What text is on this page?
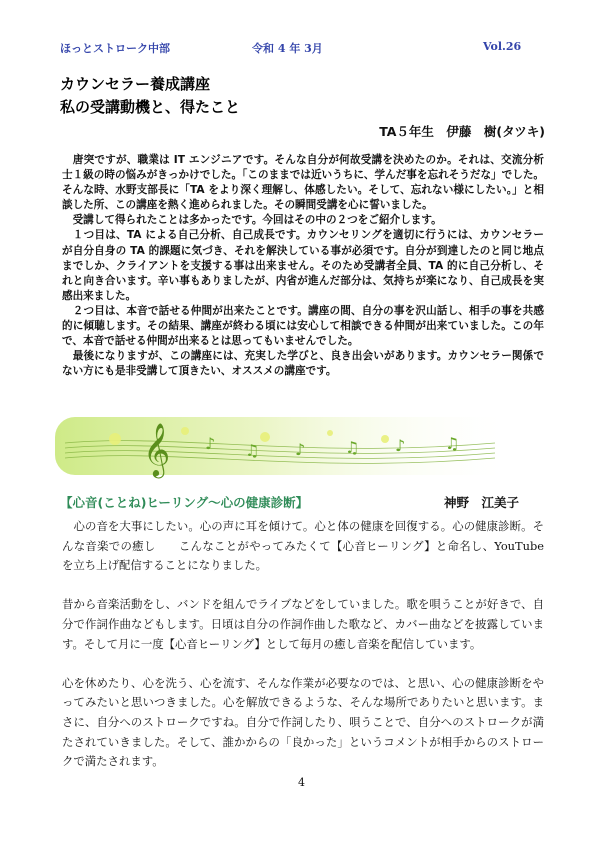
ほっとストローク中部	令和 4 年 3月	Vol.26
カウンセラー養成講座
私の受講動機と、得たこと
TA５年生　伊藤　樹(タツキ)

　唐突ですが、職業は IT エンジニアです。そんな自分が何故受講を決めたのか。それは、交流分析士１級の時の悩みがきっかけでした。「このままでは近いうちに、学んだ事を忘れそうだな」でした。そんな時、水野支部長に「TA をより深く理解し、体感したい。そして、忘れない様にしたい。」と相談した所、この講座を熱く進められました。その瞬間受講を心に誓いました。

　受講して得られたことは多かったです。今回はその中の２つをご紹介します。

　１つ目は、TA による自己分析、自己成長です。カウンセリングを適切に行うには、カウンセラー が自分自身の TA 的課題に気づき、それを解決している事が必須です。自分が到達したのと同じ地点までしか、クライアントを支援する事は出来ません。そのため受講者全員、TA 的に自己分析し、それと向き合います。辛い事もありましたが、内省が進んだ部分は、気持ちが楽になり、自己成長を実感出来ました。

　２つ目は、本音で話せる仲間が出来たことです。講座の間、自分の事を沢山話し、相手の事を共感的に傾聴します。その結果、講座が終わる頃には安心して相談できる仲間が出来ていました。この年で、本音で話せる仲間が出来るとは思ってもいませんでした。

　最後になりますが、この講座には、充実した学びと、良き出会いがあります。カウンセラー関係でない方にも是非受講して頂きたい、オススメの講座です。

𝄞 ♪ ♫ ♪ ♫ ♪ ♫
【心音(ことね)ヒーリング～心の健康診断】	神野　江美子

　心の音を大事にしたい。心の声に耳を傾けて。心と体の健康を回復する。心の健康診断。そんな音楽での癒し　　こんなことがやってみたくて【心音ヒーリング】と命名し、YouTube を立ち上げ配信することになりました。

昔から音楽活動をし、バンドを組んでライブなどをしていました。歌を唄うことが好きで、自分で作詞作曲などもします。日頃は自分の作詞作曲した歌など、カバー曲などを披露しています。そして月に一度【心音ヒーリング】として毎月の癒し音楽を配信しています。

心を休めたり、心を洗う、心を流す、そんな作業が必要なのでは、と思い、心の健康診断をやってみたいと思いつきました。心を解放できるような、そんな場所でありたいと思います。まさに、自分へのストロークですね。自分で作詞したり、唄うことで、自分へのストロークが満たされていきました。そして、誰かからの「良かった」というコメントが相手からのストロークで満たされます。

4
